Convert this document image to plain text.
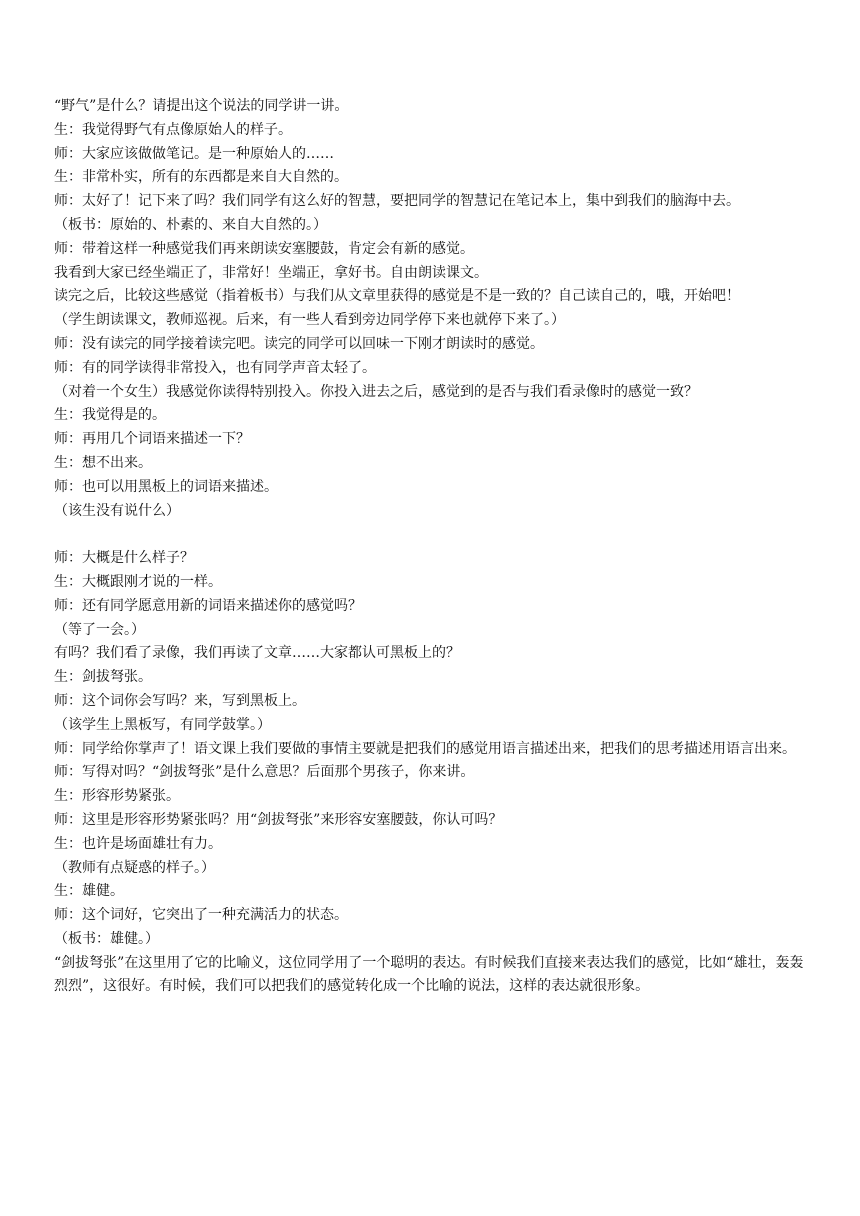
“野气”是什么？请提出这个说法的同学讲一讲。

生：我觉得野气有点像原始人的样子。

师：大家应该做做笔记。是一种原始人的……

生：非常朴实，所有的东西都是来自大自然的。

师：太好了！记下来了吗？我们同学有这么好的智慧，要把同学的智慧记在笔记本上，集中到我们的脑海中去。

（板书：原始的、朴素的、来自大自然的。）

师：带着这样一种感觉我们再来朗读安塞腰鼓，肯定会有新的感觉。

我看到大家已经坐端正了，非常好！坐端正，拿好书。自由朗读课文。

读完之后，比较这些感觉（指着板书）与我们从文章里获得的感觉是不是一致的？自己读自己的，哦，开始吧！

（学生朗读课文，教师巡视。后来，有一些人看到旁边同学停下来也就停下来了。）

师：没有读完的同学接着读完吧。读完的同学可以回味一下刚才朗读时的感觉。

师：有的同学读得非常投入，也有同学声音太轻了。

（对着一个女生）我感觉你读得特别投入。你投入进去之后，感觉到的是否与我们看录像时的感觉一致？

生：我觉得是的。

师：再用几个词语来描述一下？

生：想不出来。

师：也可以用黑板上的词语来描述。

（该生没有说什么）

师：大概是什么样子？

生：大概跟刚才说的一样。

师：还有同学愿意用新的词语来描述你的感觉吗？

（等了一会。）

有吗？我们看了录像，我们再读了文章……大家都认可黑板上的？

生：剑拔弩张。

师：这个词你会写吗？来，写到黑板上。

（该学生上黑板写，有同学鼓掌。）

师：同学给你掌声了！语文课上我们要做的事情主要就是把我们的感觉用语言描述出来，把我们的思考描述用语言出来。

师：写得对吗？“剑拔弩张”是什么意思？后面那个男孩子，你来讲。

生：形容形势紧张。

师：这里是形容形势紧张吗？用“剑拔弩张”来形容安塞腰鼓，你认可吗？

生：也许是场面雄壮有力。

（教师有点疑惑的样子。）

生：雄健。

师：这个词好，它突出了一种充满活力的状态。

（板书：雄健。）

“剑拔弩张”在这里用了它的比喻义，这位同学用了一个聪明的表达。有时候我们直接来表达我们的感觉，比如“雄壮，轰轰烈烈”，这很好。有时候，我们可以把我们的感觉转化成一个比喻的说法，这样的表达就很形象。
